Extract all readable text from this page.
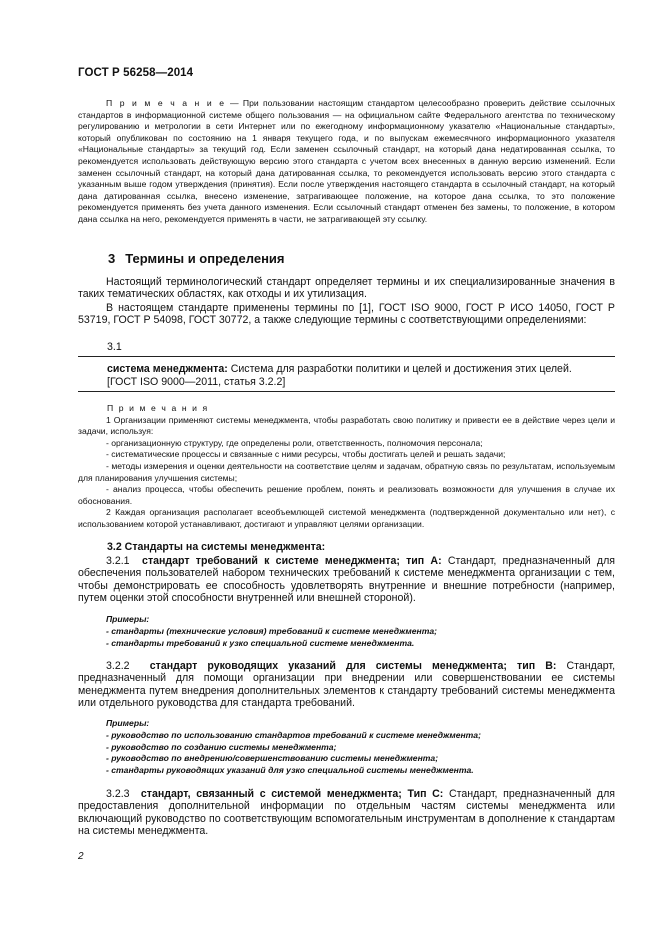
ГОСТ Р 56258—2014
П р и м е ч а н и е — При пользовании настоящим стандартом целесообразно проверить действие ссылочных стандартов в информационной системе общего пользования — на официальном сайте Федерального агентства по техническому регулированию и метрологии в сети Интернет или по ежегодному информационному указателю «Национальные стандарты», который опубликован по состоянию на 1 января текущего года, и по выпускам ежемесячного информационного указателя «Национальные стандарты» за текущий год. Если заменен ссылочный стандарт, на который дана недатированная ссылка, то рекомендуется использовать действующую версию этого стандарта с учетом всех внесенных в данную версию изменений. Если заменен ссылочный стандарт, на который дана датированная ссылка, то рекомендуется использовать версию этого стандарта с указанным выше годом утверждения (принятия). Если после утверждения настоящего стандарта в ссылочный стандарт, на который дана датированная ссылка, внесено изменение, затрагивающее положение, на которое дана ссылка, то это положение рекомендуется применять без учета данного изменения. Если ссылочный стандарт отменен без замены, то положение, в котором дана ссылка на него, рекомендуется применять в части, не затрагивающей эту ссылку.
3 Термины и определения
Настоящий терминологический стандарт определяет термины и их специализированные значения в таких тематических областях, как отходы и их утилизация.
В настоящем стандарте применены термины по [1], ГОСТ ISO 9000, ГОСТ Р ИСО 14050, ГОСТ Р 53719, ГОСТ Р 54098, ГОСТ 30772, а также следующие термины с соответствующими определениями:
3.1
система менеджмента: Система для разработки политики и целей и достижения этих целей.
[ГОСТ ISO 9000—2011, статья 3.2.2]
П р и м е ч а н и я
1 Организации применяют системы менеджмента, чтобы разработать свою политику и привести ее в действие через цели и задачи, используя:
- организационную структуру, где определены роли, ответственность, полномочия персонала;
- систематические процессы и связанные с ними ресурсы, чтобы достигать целей и решать задачи;
- методы измерения и оценки деятельности на соответствие целям и задачам, обратную связь по результатам, используемым для планирования улучшения системы;
- анализ процесса, чтобы обеспечить решение проблем, понять и реализовать возможности для улучшения в случае их обоснования.
2 Каждая организация располагает всеобъемлющей системой менеджмента (подтвержденной документально или нет), с использованием которой устанавливают, достигают и управляют целями организации.
3.2 Стандарты на системы менеджмента:
3.2.1 стандарт требований к системе менеджмента; тип A: Стандарт, предназначенный для обеспечения пользователей набором технических требований к системе менеджмента организации с тем, чтобы демонстрировать ее способность удовлетворять внутренние и внешние потребности (например, путем оценки этой способности внутренней или внешней стороной).
Примеры:
- стандарты (технические условия) требований к системе менеджмента;
- стандарты требований к узко специальной системе менеджмента.
3.2.2 стандарт руководящих указаний для системы менеджмента; тип B: Стандарт, предназначенный для помощи организации при внедрении или совершенствовании ее системы менеджмента путем внедрения дополнительных элементов к стандарту требований системы менеджмента или отдельного руководства для стандарта требований.
Примеры:
- руководство по использованию стандартов требований к системе менеджмента;
- руководство по созданию системы менеджмента;
- руководство по внедрению/совершенствованию системы менеджмента;
- стандарты руководящих указаний для узко специальной системы менеджмента.
3.2.3 стандарт, связанный с системой менеджмента; Тип C: Стандарт, предназначенный для предоставления дополнительной информации по отдельным частям системы менеджмента или включающий руководство по соответствующим вспомогательным инструментам в дополнение к стандартам на системы менеджмента.
2
